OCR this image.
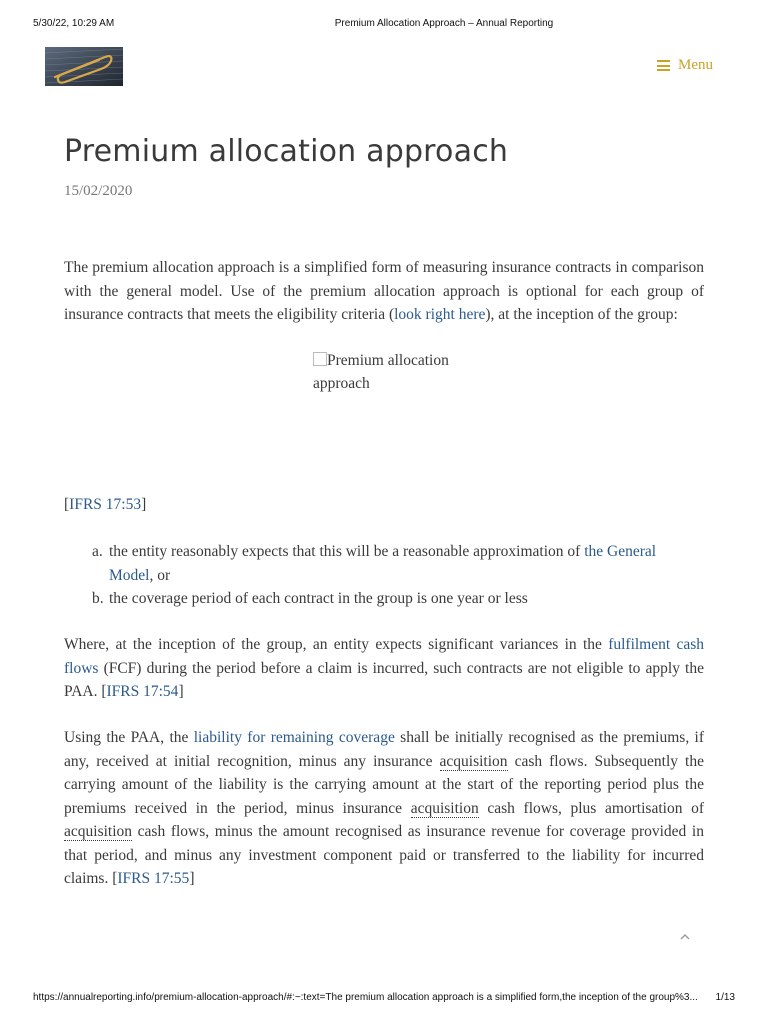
5/30/22, 10:29 AM	Premium Allocation Approach – Annual Reporting
Menu
Premium allocation approach
15/02/2020

The premium allocation approach is a simplified form of measuring insurance contracts in comparison with the general model. Use of the premium allocation approach is optional for each group of insurance contracts that meets the eligibility criteria (look right here), at the inception of the group:

Premium allocation approach
[IFRS 17:53]
a. the entity reasonably expects that this will be a reasonable approximation of the General Model, or
b. the coverage period of each contract in the group is one year or less

Where, at the inception of the group, an entity expects significant variances in the fulfilment cash flows (FCF) during the period before a claim is incurred, such contracts are not eligible to apply the PAA. [IFRS 17:54]

Using the PAA, the liability for remaining coverage shall be initially recognised as the premiums, if any, received at initial recognition, minus any insurance acquisition cash flows. Subsequently the carrying amount of the liability is the carrying amount at the start of the reporting period plus the premiums received in the period, minus insurance acquisition cash flows, plus amortisation of acquisition cash flows, minus the amount recognised as insurance revenue for coverage provided in that period, and minus any investment component paid or transferred to the liability for incurred claims. [IFRS 17:55]

https://annualreporting.info/premium-allocation-approach/#:~:text=The premium allocation approach is a simplified form,the inception of the group%3... 1/13
